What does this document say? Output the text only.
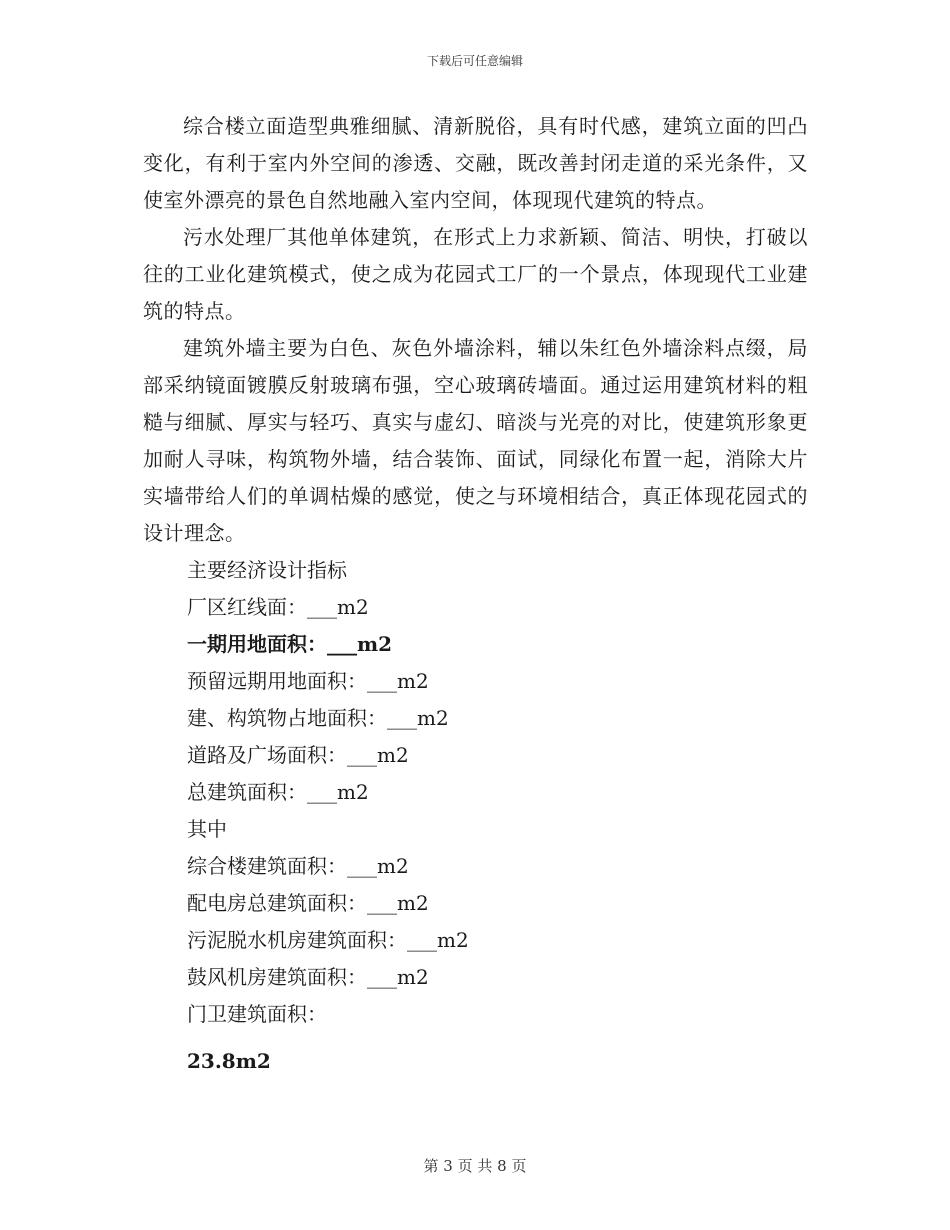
下载后可任意编辑

综合楼立面造型典雅细腻、清新脱俗，具有时代感，建筑立面的凹凸变化，有利于室内外空间的渗透、交融，既改善封闭走道的采光条件，又使室外漂亮的景色自然地融入室内空间，体现现代建筑的特点。

污水处理厂其他单体建筑，在形式上力求新颖、简洁、明快，打破以往的工业化建筑模式，使之成为花园式工厂的一个景点，体现现代工业建筑的特点。

建筑外墙主要为白色、灰色外墙涂料，辅以朱红色外墙涂料点缀，局部采纳镜面镀膜反射玻璃布强，空心玻璃砖墙面。通过运用建筑材料的粗糙与细腻、厚实与轻巧、真实与虚幻、暗淡与光亮的对比，使建筑形象更加耐人寻味，构筑物外墙，结合装饰、面试，同绿化布置一起，消除大片实墙带给人们的单调枯燥的感觉，使之与环境相结合，真正体现花园式的设计理念。

主要经济设计指标

厂区红线面：___m2

一期用地面积：___m2

预留远期用地面积：___m2

建、构筑物占地面积：___m2

道路及广场面积：___m2

总建筑面积：___m2

其中

综合楼建筑面积：___m2

配电房总建筑面积：___m2

污泥脱水机房建筑面积：___m2

鼓风机房建筑面积：___m2

门卫建筑面积：

23.8m2

第 3 页 共 8 页
